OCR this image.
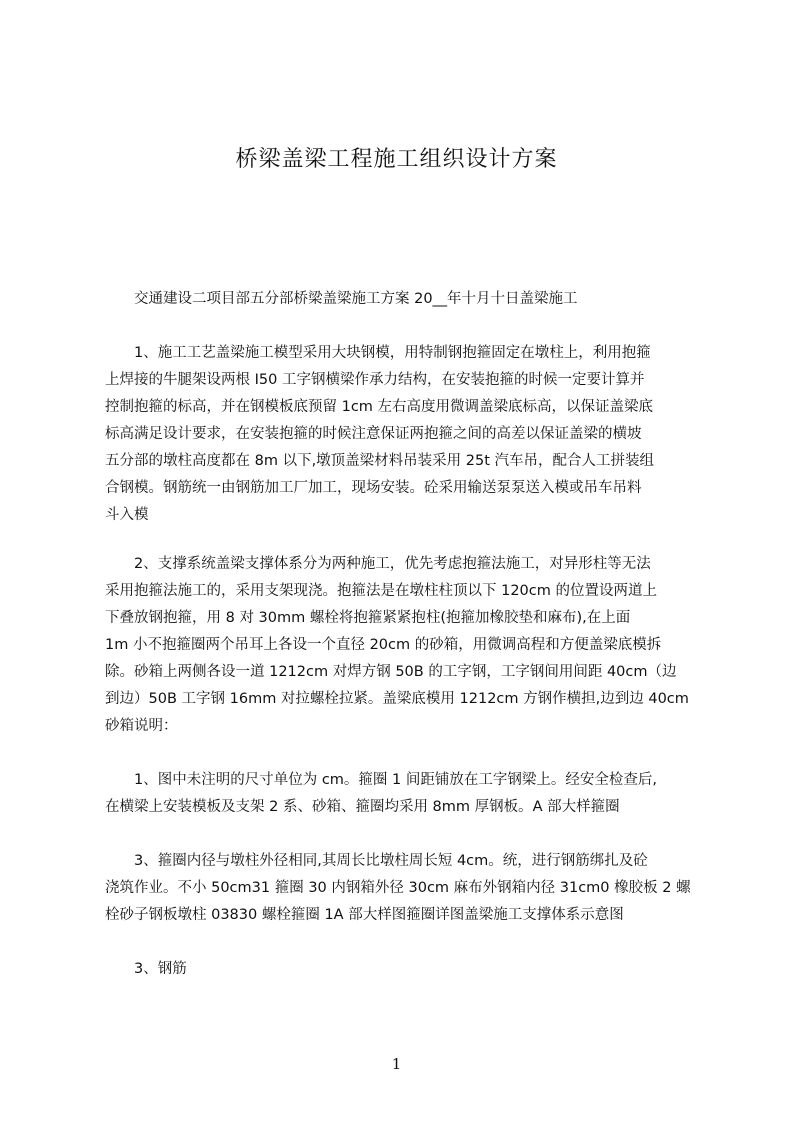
桥梁盖梁工程施工组织设计方案

交通建设二项目部五分部桥梁盖梁施工方案 20__年十月十日盖梁施工

　　1、施工工艺盖梁施工模型采用大块钢模，用特制钢抱箍固定在墩柱上，利用抱箍
上焊接的牛腿架设两根 I50 工字钢横梁作承力结构，在安装抱箍的时候一定要计算并
控制抱箍的标高，并在钢模板底预留 1cm 左右高度用微调盖梁底标高，以保证盖梁底
标高满足设计要求，在安装抱箍的时候注意保证两抱箍之间的高差以保证盖梁的横坡
五分部的墩柱高度都在 8m 以下,墩顶盖梁材料吊装采用 25t 汽车吊，配合人工拼装组
合钢模。钢筋统一由钢筋加工厂加工，现场安装。砼采用输送泵泵送入模或吊车吊料
斗入模

　　2、支撑系统盖梁支撑体系分为两种施工，优先考虑抱箍法施工，对异形柱等无法
采用抱箍法施工的，采用支架现浇。抱箍法是在墩柱柱顶以下 120cm 的位置设两道上
下叠放钢抱箍，用 8 对 30mm 螺栓将抱箍紧紧抱柱(抱箍加橡胶垫和麻布),在上面
1m 小不抱箍圈两个吊耳上各设一个直径 20cm 的砂箱，用微调高程和方便盖梁底模拆
除。砂箱上两侧各设一道 1212cm 对焊方钢 50B 的工字钢，工字钢间用间距 40cm（边
到边）50B 工字钢 16mm 对拉螺栓拉紧。盖梁底模用 1212cm 方钢作横担,边到边 40cm
砂箱说明：

　　1、图中未注明的尺寸单位为 cm。箍圈 1 间距铺放在工字钢梁上。经安全检查后,
在横梁上安装模板及支架 2 系、砂箱、箍圈均采用 8mm 厚钢板。A 部大样箍圈

　　3、箍圈内径与墩柱外径相同,其周长比墩柱周长短 4cm。统，进行钢筋绑扎及砼
浇筑作业。不小 50cm31 箍圈 30 内钢箱外径 30cm 麻布外钢箱内径 31cm0 橡胶板 2 螺
栓砂子钢板墩柱 03830 螺栓箍圈 1A 部大样图箍圈详图盖梁施工支撑体系示意图

　　3、钢筋

1
